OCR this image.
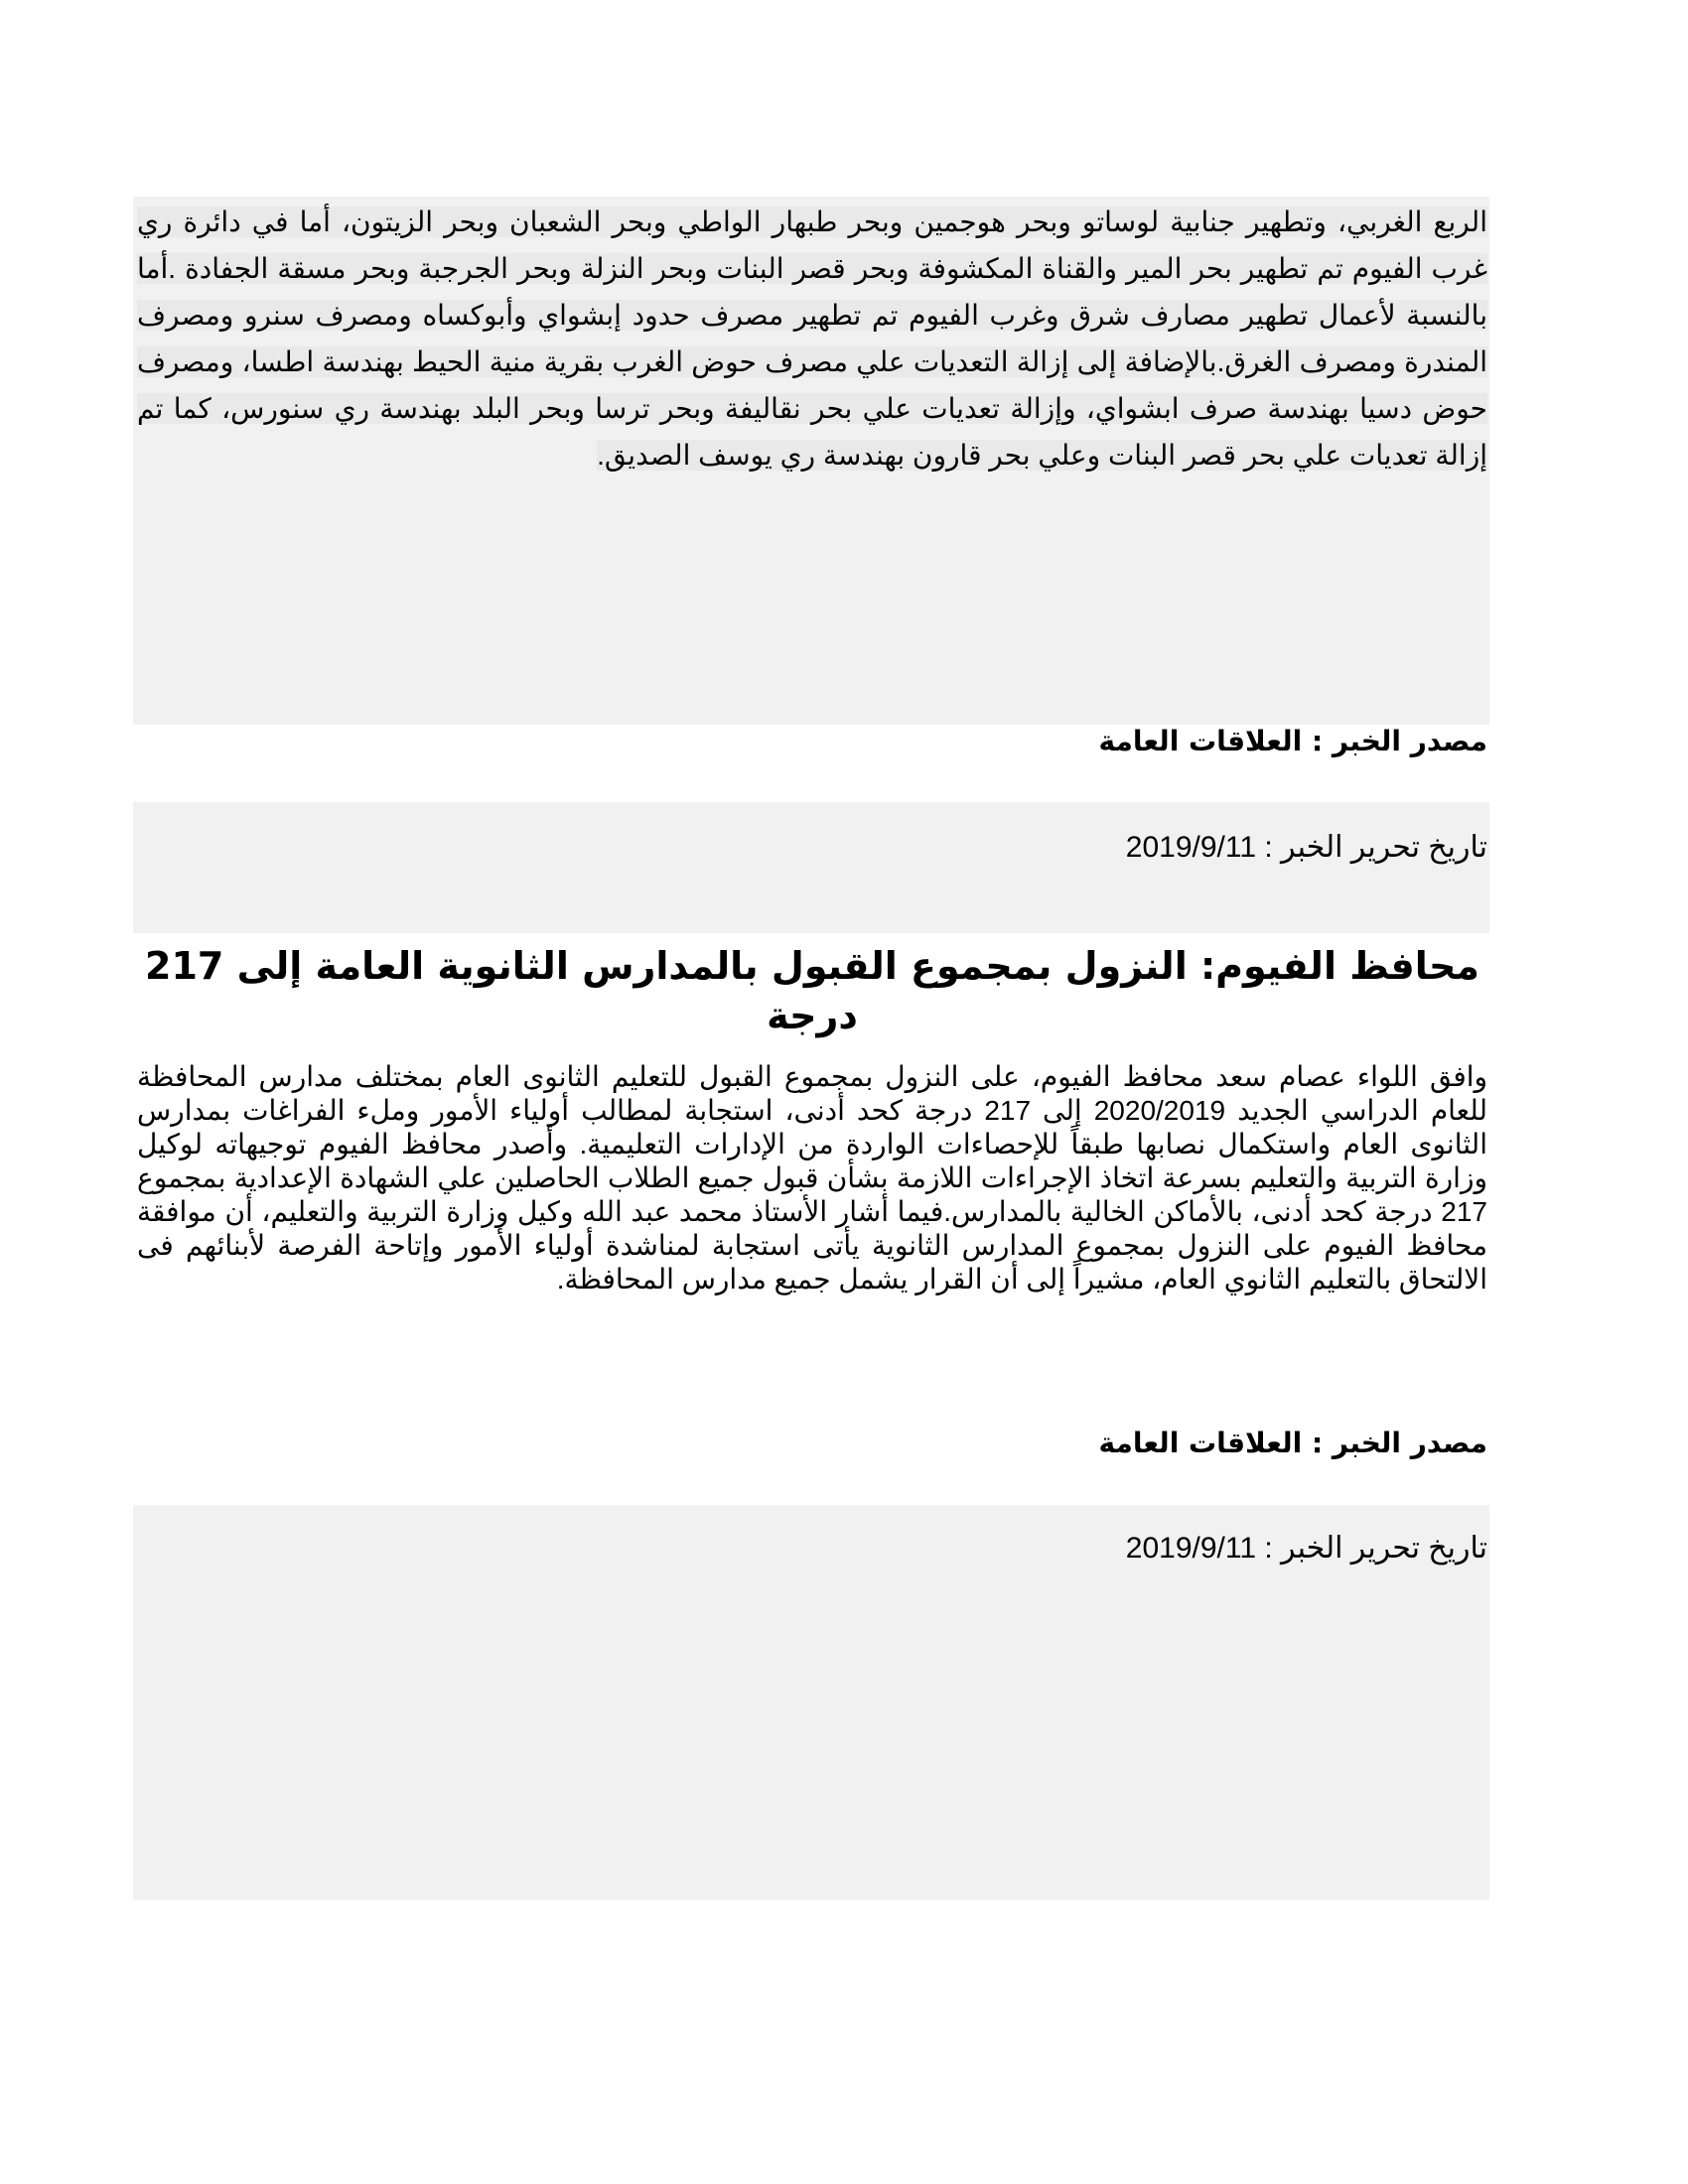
الربع الغربي، وتطهير جنابية لوساتو وبحر هوجمين وبحر طبهار الواطي وبحر الشعبان وبحر الزيتون، أما في دائرة ري غرب الفيوم تم تطهير بحر المير والقناة المكشوفة وبحر قصر البنات وبحر النزلة وبحر الجرجبة وبحر مسقة الجفادة .أما بالنسبة لأعمال تطهير مصارف شرق وغرب الفيوم تم تطهير مصرف حدود إبشواي وأبوكساه ومصرف سنرو ومصرف المندرة ومصرف الغرق.بالإضافة إلى إزالة التعديات علي مصرف حوض الغرب بقرية منية الحيط بهندسة اطسا، ومصرف حوض دسيا بهندسة صرف ابشواي، وإزالة تعديات علي بحر نقاليفة وبحر ترسا وبحر البلد بهندسة ري سنورس، كما تم إزالة تعديات علي بحر قصر البنات وعلي بحر قارون بهندسة ري يوسف الصديق.
مصدر الخبر : العلاقات العامة
تاريخ تحرير الخبر : 2019/9/11
محافظ الفيوم: النزول بمجموع القبول بالمدارس الثانوية العامة إلى 217 درجة
وافق اللواء عصام سعد محافظ الفيوم، على النزول بمجموع القبول للتعليم الثانوى العام بمختلف مدارس المحافظة للعام الدراسي الجديد 2020/2019 إلى 217 درجة كحد أدنى، استجابة لمطالب أولياء الأمور وملء الفراغات بمدارس الثانوى العام واستكمال نصابها طبقاً للإحصاءات الواردة من الإدارات التعليمية. وأصدر محافظ الفيوم توجيهاته لوكيل وزارة التربية والتعليم بسرعة اتخاذ الإجراءات اللازمة بشأن قبول جميع الطلاب الحاصلين علي الشهادة الإعدادية بمجموع 217 درجة كحد أدنى، بالأماكن الخالية بالمدارس.فيما أشار الأستاذ محمد عبد الله وكيل وزارة التربية والتعليم، أن موافقة محافظ الفيوم على النزول بمجموع المدارس الثانوية يأتى استجابة لمناشدة أولياء الأمور وإتاحة الفرصة لأبنائهم فى الالتحاق بالتعليم الثانوي العام، مشيراً إلى أن القرار يشمل جميع مدارس المحافظة.
مصدر الخبر : العلاقات العامة
تاريخ تحرير الخبر : 2019/9/11
